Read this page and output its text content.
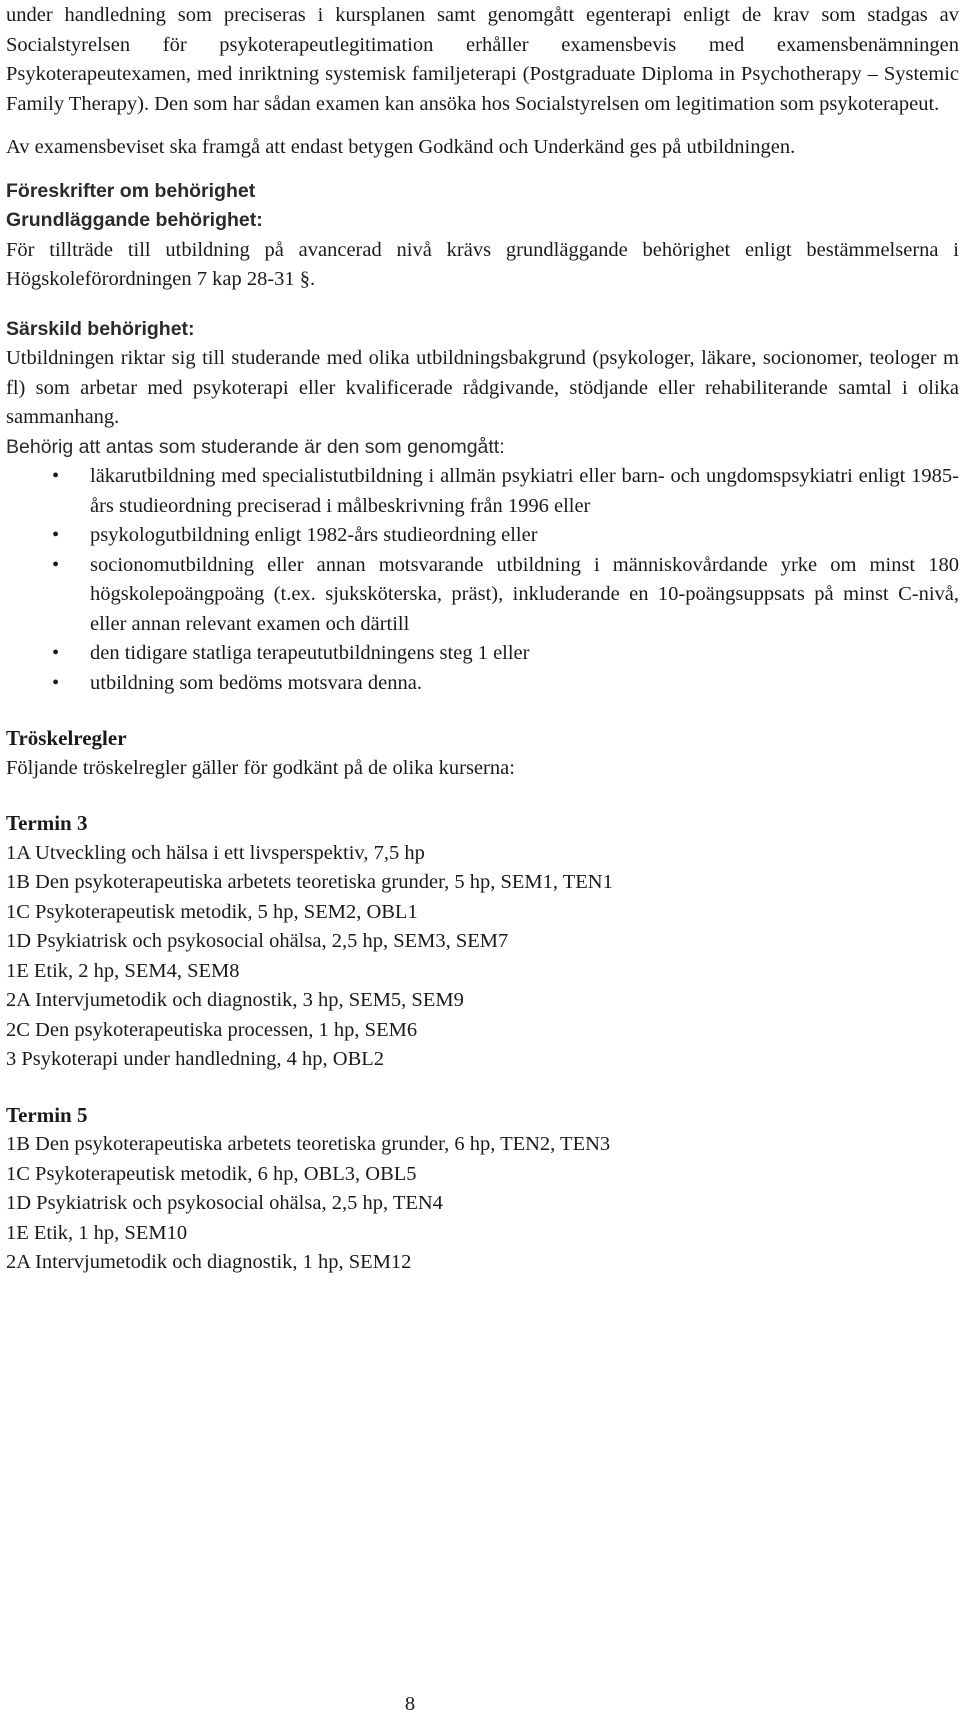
under handledning som preciseras i kursplanen samt genomgått egenterapi enligt de krav som stadgas av Socialstyrelsen för psykoterapeutlegitimation erhåller examensbevis med examensbenämningen Psykoterapeutexamen, med inriktning systemisk familjeterapi (Postgraduate Diploma in Psychotherapy – Systemic Family Therapy). Den som har sådan examen kan ansöka hos Socialstyrelsen om legitimation som psykoterapeut.

Av examensbeviset ska framgå att endast betygen Godkänd och Underkänd ges på utbildningen.

Föreskrifter om behörighet

Grundläggande behörighet:

För tillträde till utbildning på avancerad nivå krävs grundläggande behörighet enligt bestämmelserna i Högskoleförordningen 7 kap 28-31 §.

Särskild behörighet:

Utbildningen riktar sig till studerande med olika utbildningsbakgrund (psykologer, läkare, socionomer, teologer m fl) som arbetar med psykoterapi eller kvalificerade rådgivande, stödjande eller rehabiliterande samtal i olika sammanhang.

Behörig att antas som studerande är den som genomgått:

• läkarutbildning med specialistutbildning i allmän psykiatri eller barn- och ungdomspsykiatri enligt 1985-års studieordning preciserad i målbeskrivning från 1996 eller
• psykologutbildning enligt 1982-års studieordning eller
• socionomutbildning eller annan motsvarande utbildning i människovårdande yrke om minst 180 högskolepoängpoäng (t.ex. sjuksköterska, präst), inkluderande en 10-poängsuppsats på minst C-nivå, eller annan relevant examen och därtill
• den tidigare statliga terapeututbildningens steg 1 eller
• utbildning som bedöms motsvara denna.

Tröskelregler

Följande tröskelregler gäller för godkänt på de olika kurserna:

Termin 3

1A Utveckling och hälsa i ett livsperspektiv, 7,5 hp

1B Den psykoterapeutiska arbetets teoretiska grunder, 5 hp, SEM1, TEN1

1C Psykoterapeutisk metodik, 5 hp, SEM2, OBL1

1D Psykiatrisk och psykosocial ohälsa, 2,5 hp, SEM3, SEM7

1E Etik, 2 hp, SEM4, SEM8

2A Intervjumetodik och diagnostik, 3 hp, SEM5, SEM9

2C Den psykoterapeutiska processen, 1 hp, SEM6

3 Psykoterapi under handledning, 4 hp, OBL2

Termin 5

1B Den psykoterapeutiska arbetets teoretiska grunder, 6 hp, TEN2, TEN3

1C Psykoterapeutisk metodik, 6 hp, OBL3, OBL5

1D Psykiatrisk och psykosocial ohälsa, 2,5 hp, TEN4

1E Etik, 1 hp, SEM10

2A Intervjumetodik och diagnostik, 1 hp, SEM12

8
